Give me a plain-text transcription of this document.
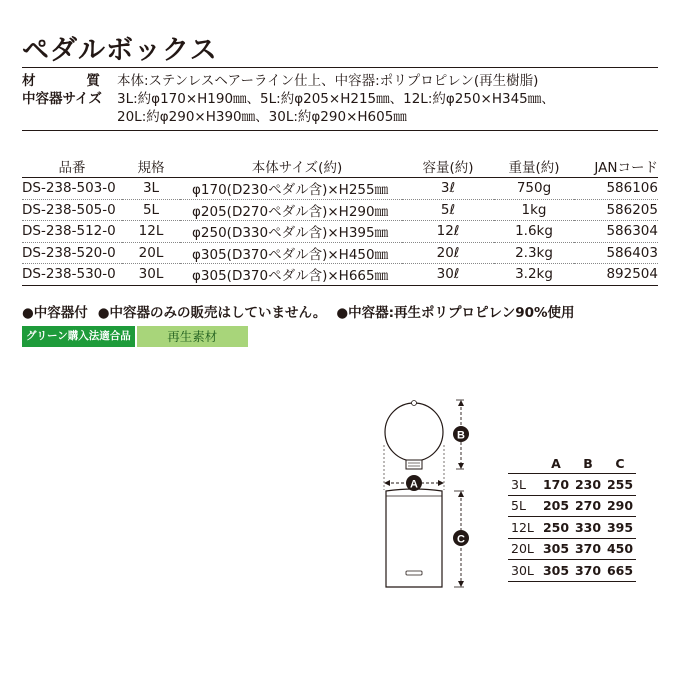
ペダルボックス
材	質 本体:ステンレスヘアーライン仕上、中容器:ポリプロピレン(再生樹脂)
中容器サイズ	3L:約φ170×H190㎜、5L:約φ205×H215㎜、12L:約φ250×H345㎜、
20L:約φ290×H390㎜、30L:約φ290×H605㎜
品番	規格	本体サイズ(約)	容量(約)	重量(約)	JANコード
DS-238-503-0	3L	φ170(D230ペダル含)×H255㎜	3ℓ	750g	586106
DS-238-505-0	5L	φ205(D270ペダル含)×H290㎜	5ℓ	1kg	586205
DS-238-512-0	12L	φ250(D330ペダル含)×H395㎜	12ℓ	1.6kg	586304
DS-238-520-0	20L	φ305(D370ペダル含)×H450㎜	20ℓ	2.3kg	586403
DS-238-530-0	30L	φ305(D370ペダル含)×H665㎜	30ℓ	3.2kg	892504
●中容器付 ●中容器のみの販売はしていません。 ●中容器:再生ポリプロピレン90%使用
グリーン購入法適合品	再生素材
A
B
C
	A	B	C
3L	170	230	255
5L	205	270	290
12L	250	330	395
20L	305	370	450
30L	305	370	665
